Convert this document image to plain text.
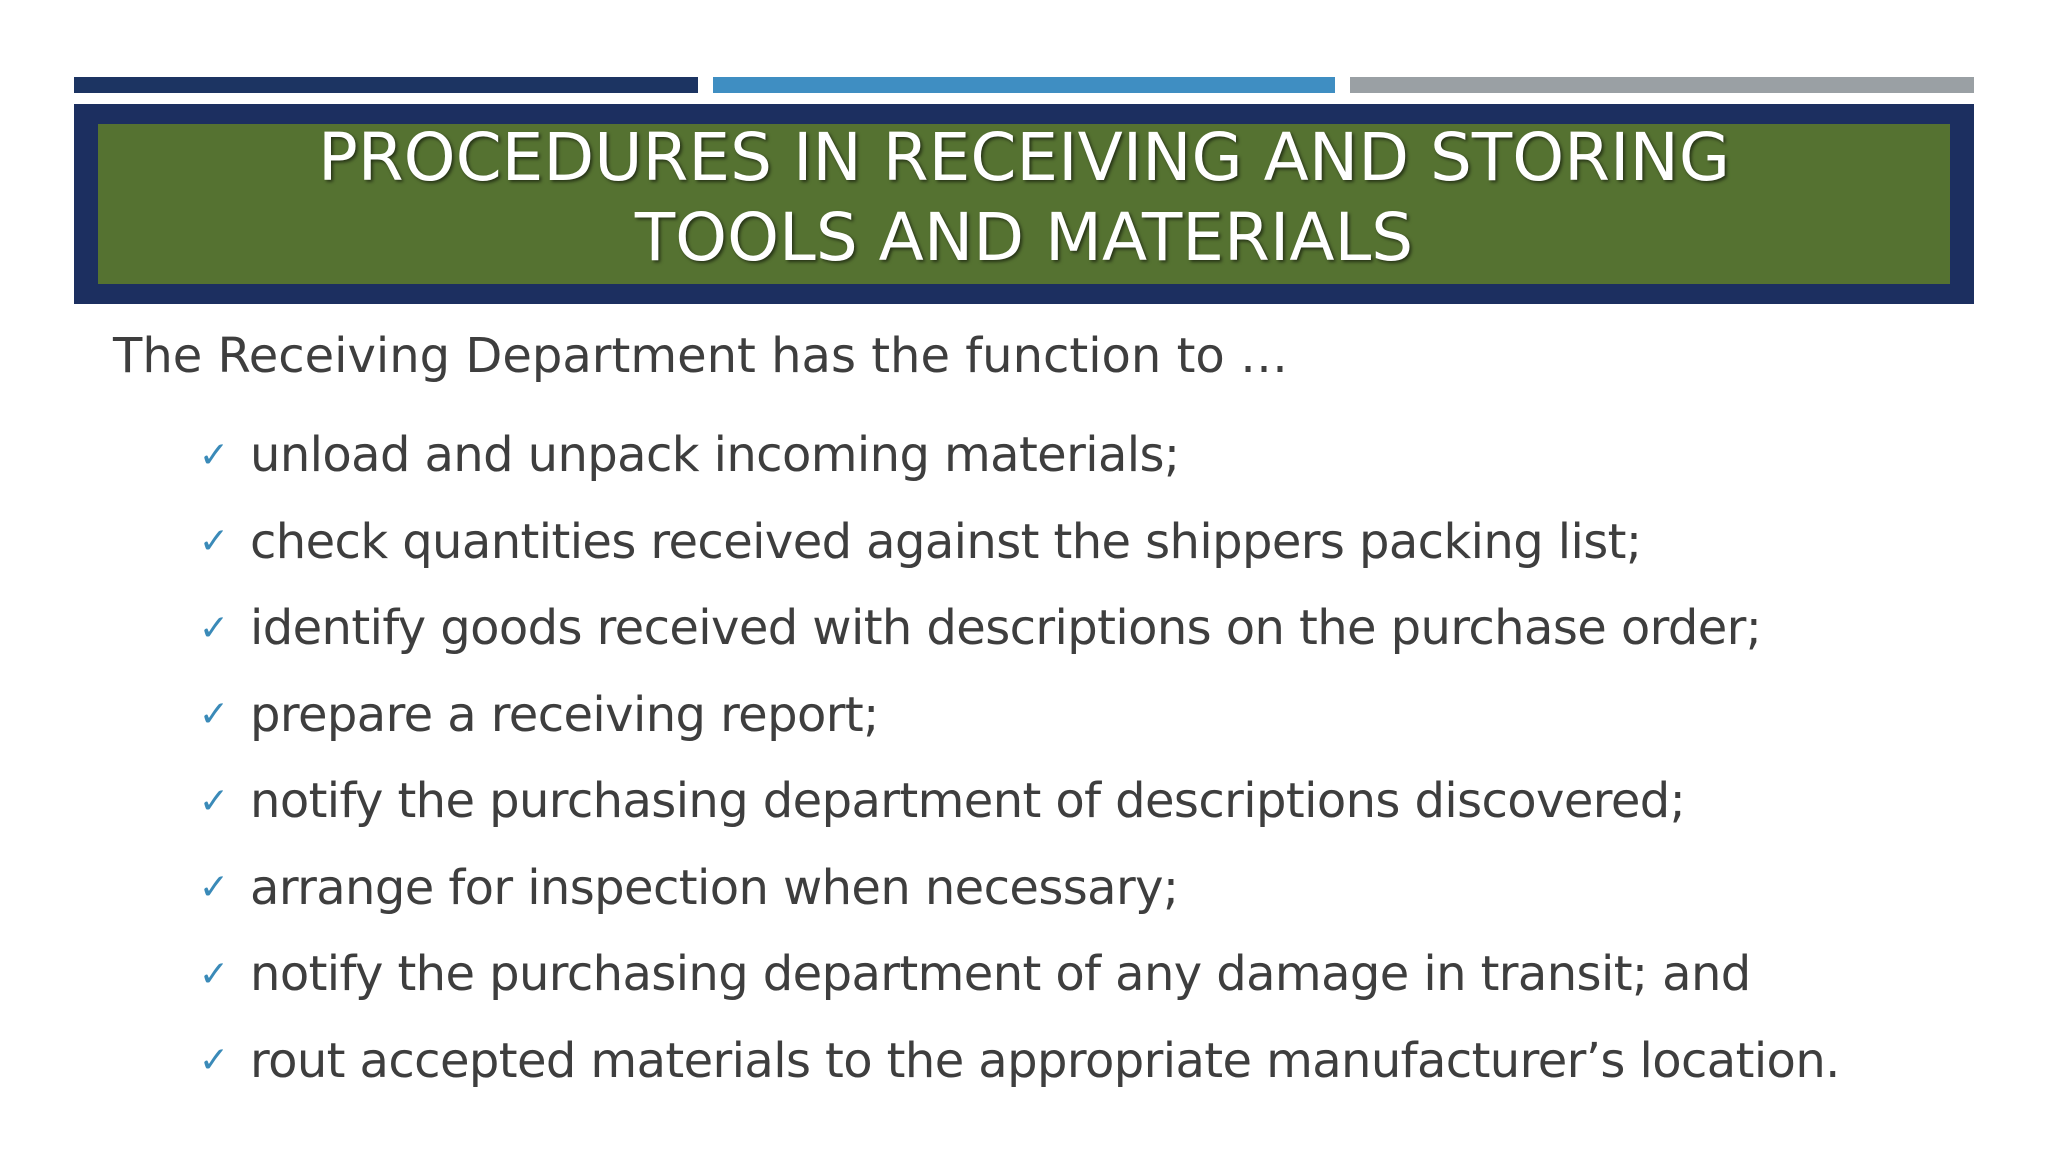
PROCEDURES IN RECEIVING AND STORING
TOOLS AND MATERIALS
The Receiving Department has the function to …
✓ unload and unpack incoming materials;
✓ check quantities received against the shippers packing list;
✓ identify goods received with descriptions on the purchase order;
✓ prepare a receiving report;
✓ notify the purchasing department of descriptions discovered;
✓ arrange for inspection when necessary;
✓ notify the purchasing department of any damage in transit; and
✓ rout accepted materials to the appropriate manufacturer’s location.
